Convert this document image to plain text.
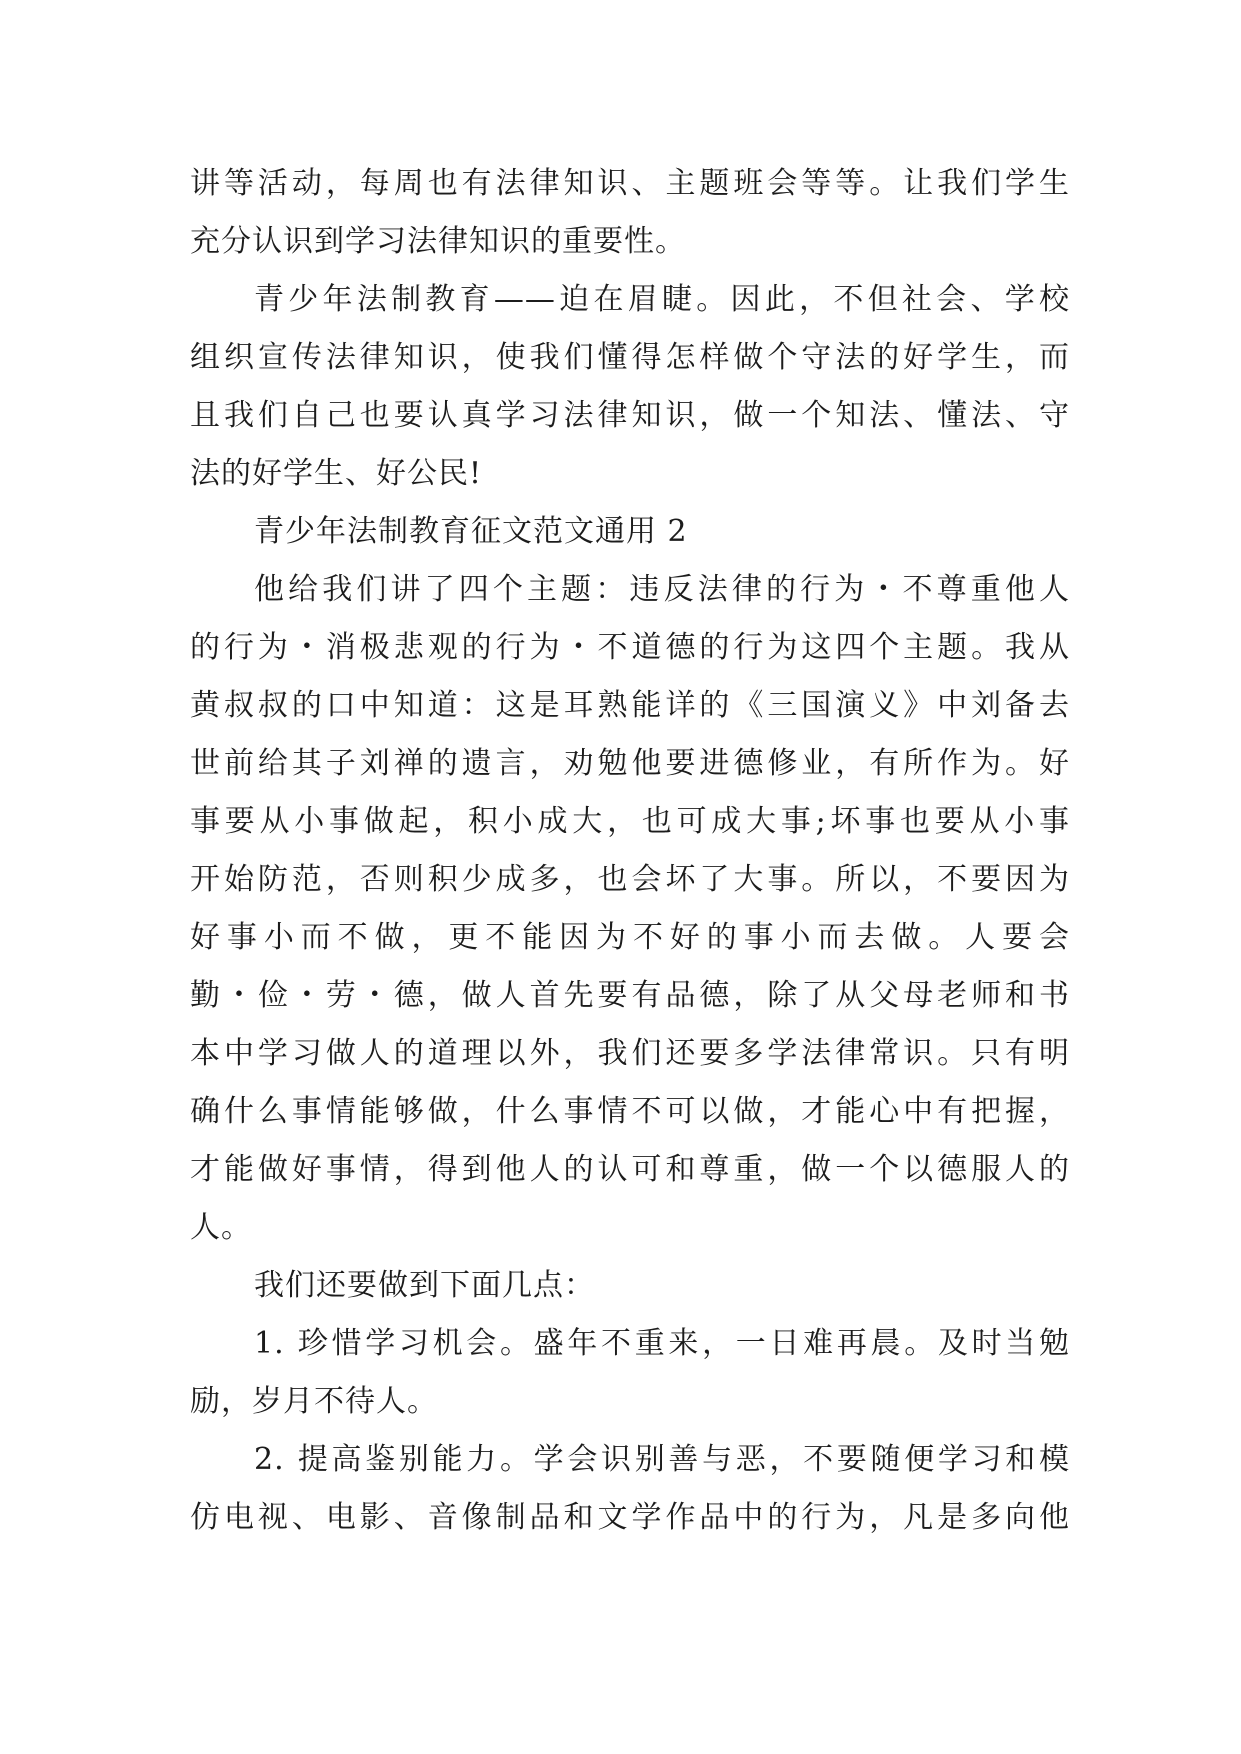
讲等活动，每周也有法律知识、主题班会等等。让我们学生
充分认识到学习法律知识的重要性。
青少年法制教育——迫在眉睫。因此，不但社会、学校
组织宣传法律知识，使我们懂得怎样做个守法的好学生，而
且我们自己也要认真学习法律知识，做一个知法、懂法、守
法的好学生、好公民!
青少年法制教育征文范文通用 2
他给我们讲了四个主题：违反法律的行为・不尊重他人
的行为・消极悲观的行为・不道德的行为这四个主题。我从
黄叔叔的口中知道：这是耳熟能详的《三国演义》中刘备去
世前给其子刘禅的遗言，劝勉他要进德修业，有所作为。好
事要从小事做起，积小成大，也可成大事;坏事也要从小事
开始防范，否则积少成多，也会坏了大事。所以，不要因为
好事小而不做，更不能因为不好的事小而去做。人要会
勤・俭・劳・德，做人首先要有品德，除了从父母老师和书
本中学习做人的道理以外，我们还要多学法律常识。只有明
确什么事情能够做，什么事情不可以做，才能心中有把握，
才能做好事情，得到他人的认可和尊重，做一个以德服人的
人。
我们还要做到下面几点：
1. 珍惜学习机会。盛年不重来，一日难再晨。及时当勉
励，岁月不待人。
2. 提高鉴别能力。学会识别善与恶，不要随便学习和模
仿电视、电影、音像制品和文学作品中的行为，凡是多向他
